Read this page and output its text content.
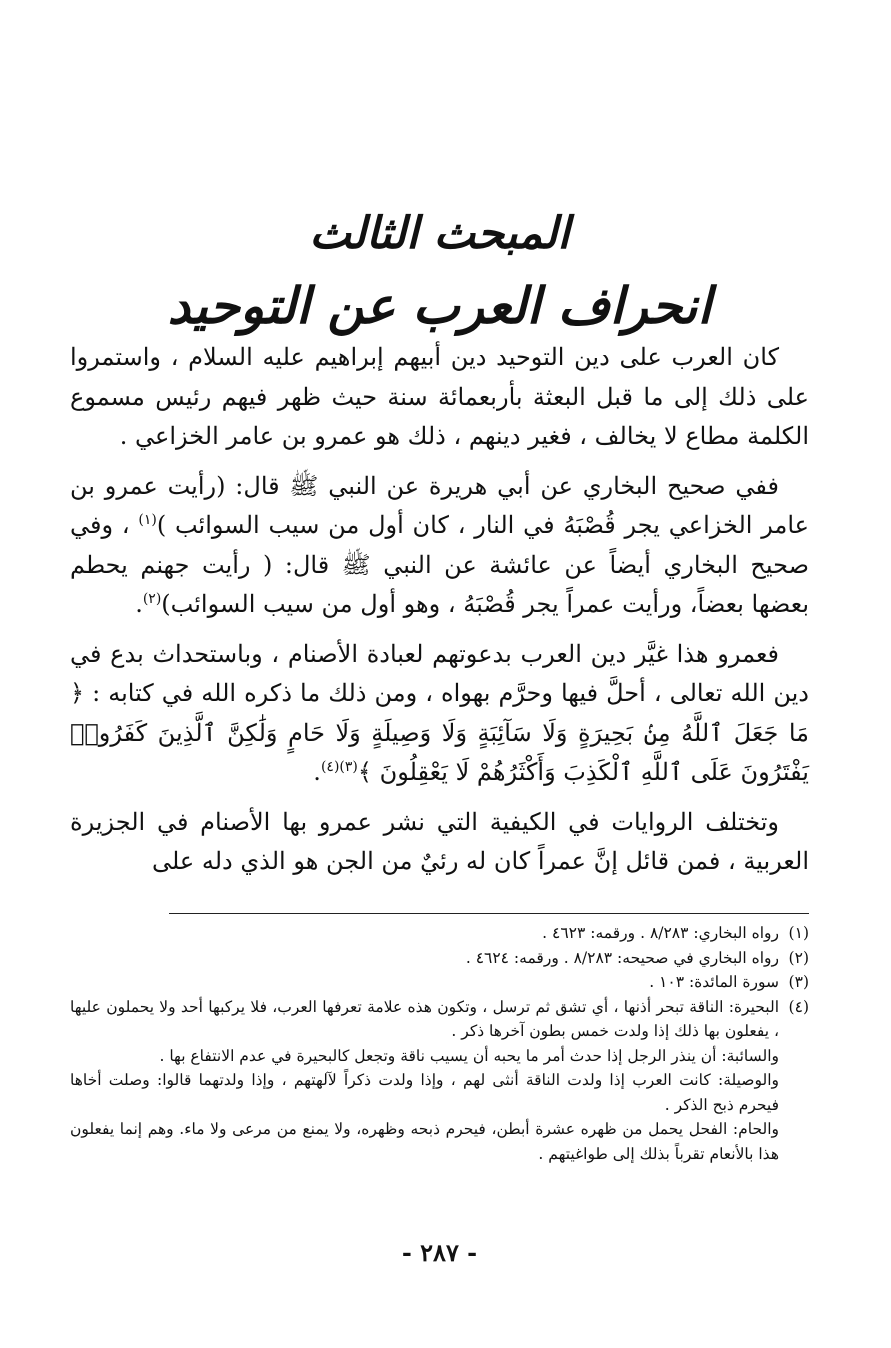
المبحث الثالث
انحراف العرب عن التوحيد

كان العرب على دين التوحيد دين أبيهم إبراهيم عليه السلام ، واستمروا على ذلك إلى ما قبل البعثة بأربعمائة سنة حيث ظهر فيهم رئيس مسموع الكلمة مطاع لا يخالف ، فغير دينهم ، ذلك هو عمرو بن عامر الخزاعي .

ففي صحيح البخاري عن أبي هريرة عن النبي ﷺ قال: (رأيت عمرو بن عامر الخزاعي يجر قُصْبَهُ في النار ، كان أول من سيب السوائب )$^{(١)}$ ، وفي صحيح البخاري أيضاً عن عائشة عن النبي ﷺ قال: ( رأيت جهنم يحطم بعضها بعضاً، ورأيت عمراً يجر قُصْبَهُ ، وهو أول من سيب السوائب)$^{(٢)}$.

فعمرو هذا غيَّر دين العرب بدعوتهم لعبادة الأصنام ، وباستحداث بدع في دين الله تعالى ، أحلَّ فيها وحرَّم بهواه ، ومن ذلك ما ذكره الله في كتابه : ﴿ مَا جَعَلَ ٱللَّهُ مِنۢ بَحِيرَةٍ وَلَا سَآئِبَةٍ وَلَا وَصِيلَةٍ وَلَا حَامٍ وَلَٰكِنَّ ٱلَّذِينَ كَفَرُوا۟ يَفْتَرُونَ عَلَى ٱللَّهِ ٱلْكَذِبَ وَأَكْثَرُهُمْ لَا يَعْقِلُونَ ﴾$^{(٣)(٤)}$.

وتختلف الروايات في الكيفية التي نشر عمرو بها الأصنام في الجزيرة العربية ، فمن قائل إنَّ عمراً كان له رئيٌ من الجن هو الذي دله على

(١)
رواه البخاري: ٨/٢٨٣ . ورقمه: ٤٦٢٣ .
(٢)
رواه البخاري في صحيحه: ٨/٢٨٣ . ورقمه: ٤٦٢٤ .
(٣)
سورة المائدة: ١٠٣ .
(٤)
البحيرة: الناقة تبحر أذنها ، أي تشق ثم ترسل ، وتكون هذه علامة تعرفها العرب، فلا يركبها أحد ولا يحملون عليها ، يفعلون بها ذلك إذا ولدت خمس بطون آخرها ذكر .
والسائبة: أن ينذر الرجل إذا حدث أمر ما يحبه أن يسيب ناقة وتجعل كالبحيرة في عدم الانتفاع بها .
والوصيلة: كانت العرب إذا ولدت الناقة أنثى لهم ، وإذا ولدت ذكراً لآلهتهم ، وإذا ولدتهما قالوا: وصلت أخاها فيحرم ذبح الذكر .
والحام: الفحل يحمل من ظهره عشرة أبطن، فيحرم ذبحه وظهره، ولا يمنع من مرعى ولا ماء. وهم إنما يفعلون هذا بالأنعام تقرباً بذلك إلى طواغيتهم .
- ٢٨٧ -
